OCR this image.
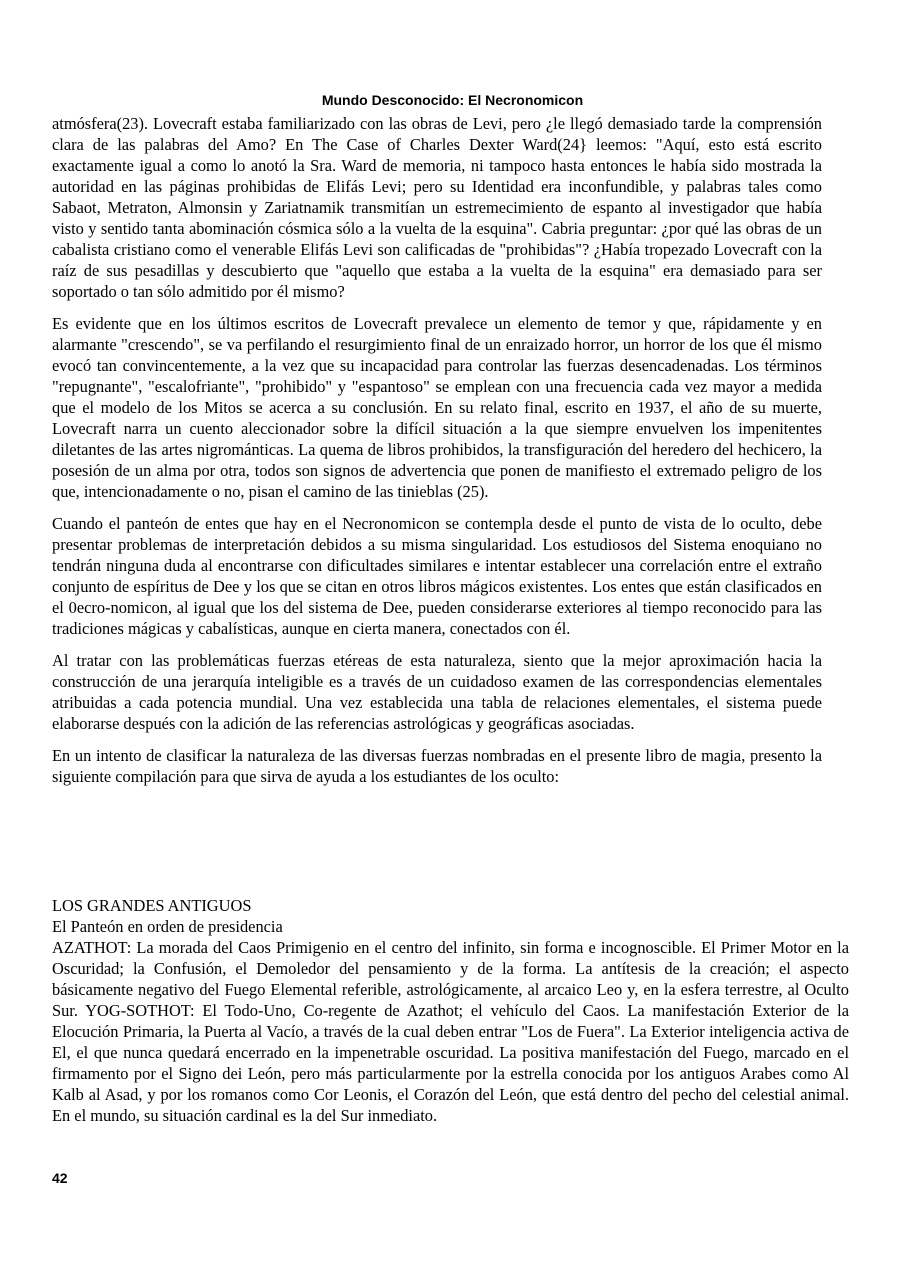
Mundo Desconocido: El Necronomicon

atmósfera(23). Lovecraft estaba familiarizado con las obras de Levi, pero ¿le llegó demasiado tarde la comprensión clara de las palabras del Amo? En The Case of Charles Dexter Ward(24} leemos: "Aquí, esto está escrito exactamente igual a como lo anotó la Sra. Ward de memoria, ni tampoco hasta entonces le había sido mostrada la autoridad en las páginas prohibidas de Elifás Levi; pero su Identidad era inconfundible, y palabras tales como Sabaot, Metraton, Almonsin y Zariatnamik transmitían un estremecimiento de espanto al investigador que había visto y sentido tanta abominación cósmica sólo a la vuelta de la esquina". Cabria preguntar: ¿por qué las obras de un cabalista cristiano como el venerable Elifás Levi son calificadas de "prohibidas"? ¿Había tropezado Lovecraft con la raíz de sus pesadillas y descubierto que "aquello que estaba a la vuelta de la esquina" era demasiado para ser soportado o tan sólo admitido por él mismo?

Es evidente que en los últimos escritos de Lovecraft prevalece un elemento de temor y que, rápidamente y en alarmante "crescendo", se va perfilando el resurgimiento final de un enraizado horror, un horror de los que él mismo evocó tan convincentemente, a la vez que su incapacidad para controlar las fuerzas desencadenadas. Los términos "repugnante", "escalofriante", "prohibido" y "espantoso" se emplean con una frecuencia cada vez mayor a medida que el modelo de los Mitos se acerca a su conclusión. En su relato final, escrito en 1937, el año de su muerte, Lovecraft narra un cuento aleccionador sobre la difícil situación a la que siempre envuelven los impenitentes diletantes de las artes nigrománticas. La quema de libros prohibidos, la transfiguración del heredero del hechicero, la posesión de un alma por otra, todos son signos de advertencia que ponen de manifiesto el extremado peligro de los que, intencionadamente o no, pisan el camino de las tinieblas (25).

Cuando el panteón de entes que hay en el Necronomicon se contempla desde el punto de vista de lo oculto, debe presentar problemas de interpretación debidos a su misma singularidad. Los estudiosos del Sistema enoquiano no tendrán ninguna duda al encontrarse con dificultades similares e intentar establecer una correlación entre el extraño conjunto de espíritus de Dee y los que se citan en otros libros mágicos existentes. Los entes que están clasificados en el 0ecro-nomicon, al igual que los del sistema de Dee, pueden considerarse exteriores al tiempo reconocido para las tradiciones mágicas y cabalísticas, aunque en cierta manera, conectados con él.

Al tratar con las problemáticas fuerzas etéreas de esta naturaleza, siento que la mejor aproximación hacia la construcción de una jerarquía inteligible es a través de un cuidadoso examen de las correspondencias elementales atribuidas a cada potencia mundial. Una vez establecida una tabla de relaciones elementales, el sistema puede elaborarse después con la adición de las referencias astrológicas y geográficas asociadas.

En un intento de clasificar la naturaleza de las diversas fuerzas nombradas en el presente libro de magia, presento la siguiente compilación para que sirva de ayuda a los estudiantes de los oculto:

LOS GRANDES ANTIGUOS
El Panteón en orden de presidencia

AZATHOT: La morada del Caos Primigenio en el centro del infinito, sin forma e incognoscible. El Primer Motor en la Oscuridad; la Confusión, el Demoledor del pensamiento y de la forma. La antítesis de la creación; el aspecto básicamente negativo del Fuego Elemental referible, astrológicamente, al arcaico Leo y, en la esfera terrestre, al Oculto Sur. YOG-SOTHOT: El Todo-Uno, Co-regente de Azathot; el vehículo del Caos. La manifestación Exterior de la Elocución Primaria, la Puerta al Vacío, a través de la cual deben entrar "Los de Fuera". La Exterior inteligencia activa de El, el que nunca quedará encerrado en la impenetrable oscuridad. La positiva manifestación del Fuego, marcado en el firmamento por el Signo dei León, pero más particularmente por la estrella conocida por los antiguos Arabes como Al Kalb al Asad, y por los romanos como Cor Leonis, el Corazón del León, que está dentro del pecho del celestial animal. En el mundo, su situación cardinal es la del Sur inmediato.

42
